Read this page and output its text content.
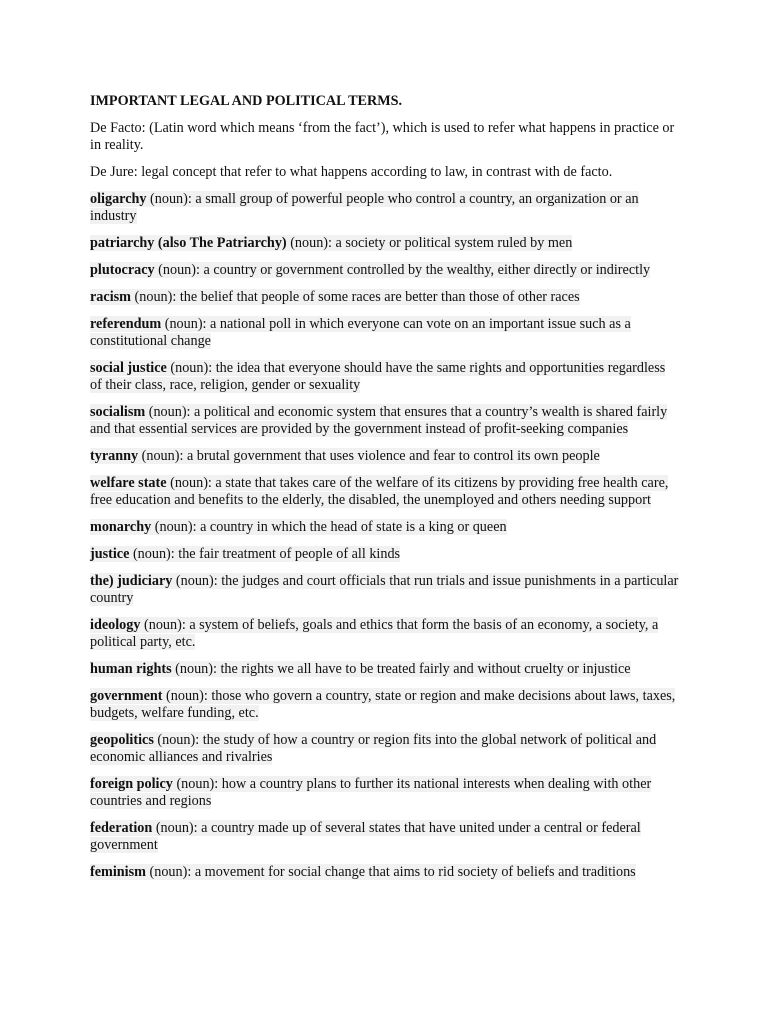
IMPORTANT LEGAL AND POLITICAL TERMS.
De Facto: (Latin word which means ‘from the fact’), which is used to refer what happens in practice or in reality.
De Jure: legal concept that refer to what happens according to law, in contrast with de facto.
oligarchy (noun): a small group of powerful people who control a country, an organization or an industry
patriarchy (also The Patriarchy) (noun): a society or political system ruled by men
plutocracy (noun): a country or government controlled by the wealthy, either directly or indirectly
racism (noun): the belief that people of some races are better than those of other races
referendum (noun): a national poll in which everyone can vote on an important issue such as a constitutional change
social justice (noun): the idea that everyone should have the same rights and opportunities regardless of their class, race, religion, gender or sexuality
socialism (noun): a political and economic system that ensures that a country’s wealth is shared fairly and that essential services are provided by the government instead of profit-seeking companies
tyranny (noun): a brutal government that uses violence and fear to control its own people
welfare state (noun): a state that takes care of the welfare of its citizens by providing free health care, free education and benefits to the elderly, the disabled, the unemployed and others needing support
monarchy (noun): a country in which the head of state is a king or queen
justice (noun): the fair treatment of people of all kinds
the) judiciary (noun): the judges and court officials that run trials and issue punishments in a particular country
ideology (noun): a system of beliefs, goals and ethics that form the basis of an economy, a society, a political party, etc.
human rights (noun): the rights we all have to be treated fairly and without cruelty or injustice
government (noun): those who govern a country, state or region and make decisions about laws, taxes, budgets, welfare funding, etc.
geopolitics (noun): the study of how a country or region fits into the global network of political and economic alliances and rivalries
foreign policy (noun): how a country plans to further its national interests when dealing with other countries and regions
federation (noun): a country made up of several states that have united under a central or federal government
feminism (noun): a movement for social change that aims to rid society of beliefs and traditions
